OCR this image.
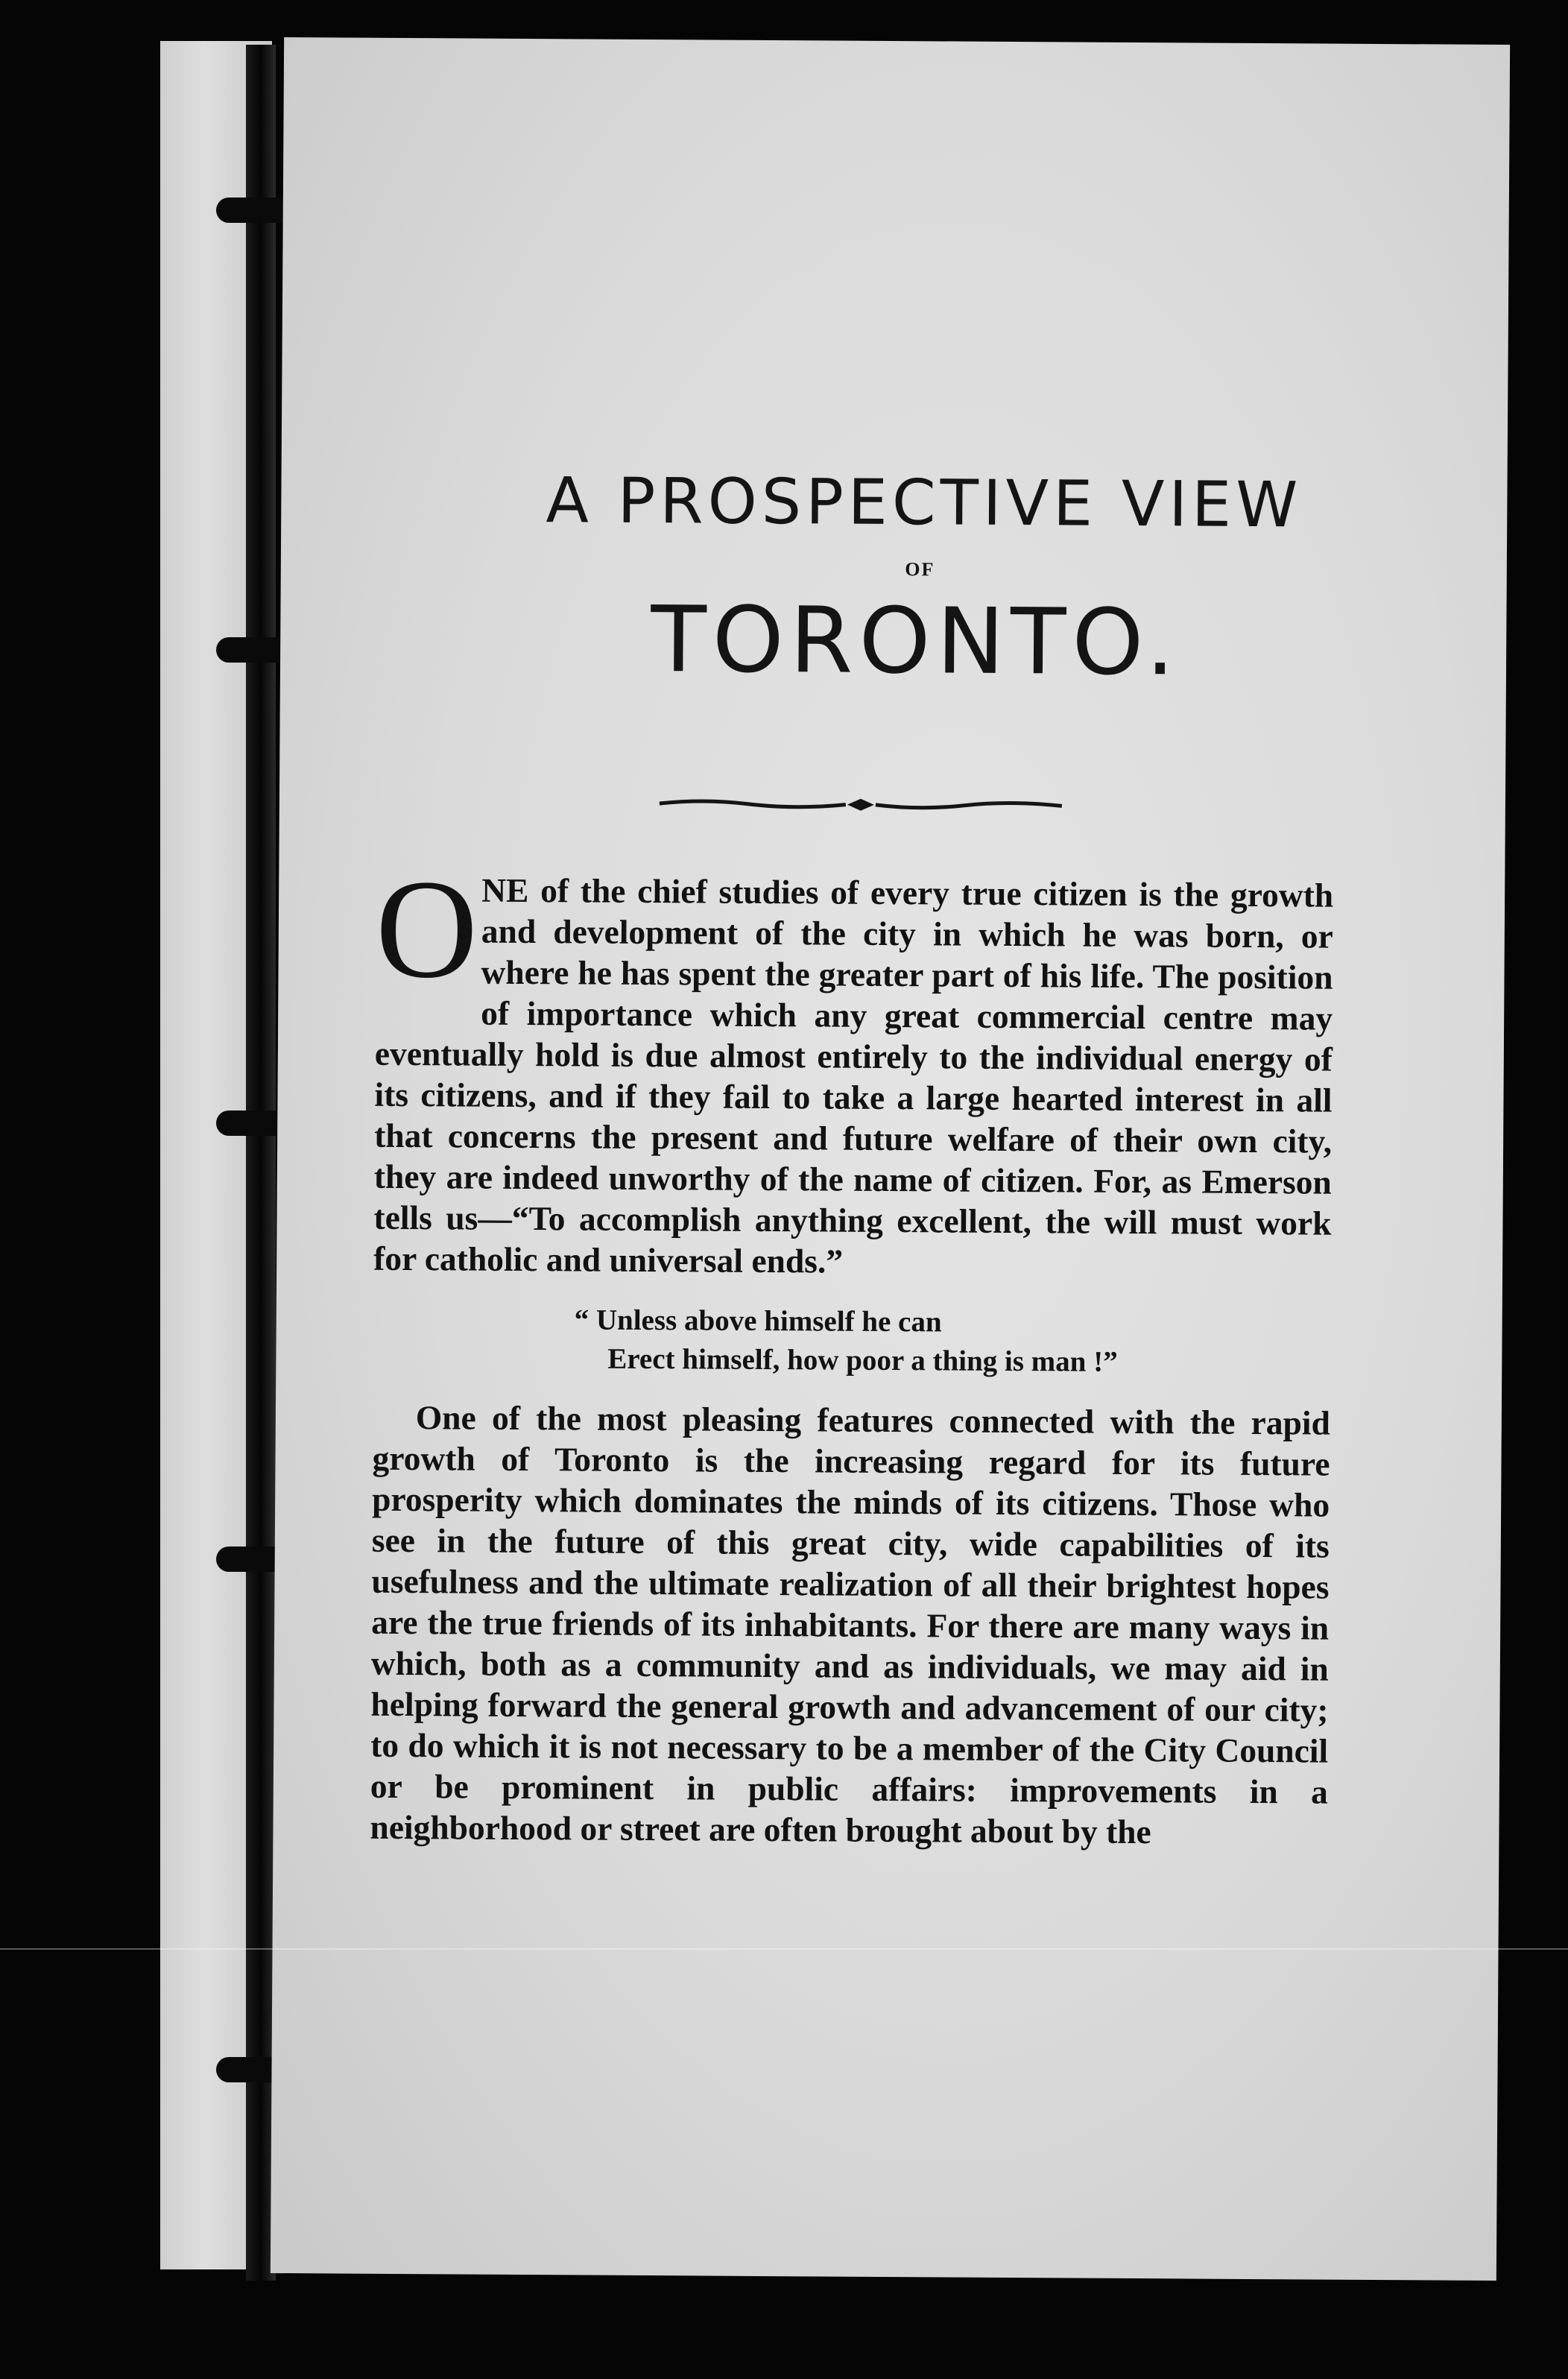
A PROSPECTIVE VIEW
OF
TORONTO.

O NE of the chief studies of every true citizen is the growth and development of the city in which he was born, or where he has spent the greater part of his life. The position of importance which any great commercial centre may eventually hold is due almost entirely to the individual energy of its citizens, and if they fail to take a large hearted interest in all that concerns the present and future welfare of their own city, they are indeed unworthy of the name of citizen. For, as Emerson tells us—“To accomplish anything excellent, the will must work for catholic and universal ends.”

“ Unless above himself he can
Erect himself, how poor a thing is man !”

One of the most pleasing features connected with the rapid growth of Toronto is the increasing regard for its future prosperity which dominates the minds of its citizens. Those who see in the future of this great city, wide capabilities of its usefulness and the ultimate realization of all their brightest hopes are the true friends of its inhabitants. For there are many ways in which, both as a community and as individuals, we may aid in helping forward the general growth and advancement of our city; to do which it is not necessary to be a member of the City Council or be prominent in public affairs: improvements in a neighborhood or street are often brought about by the
